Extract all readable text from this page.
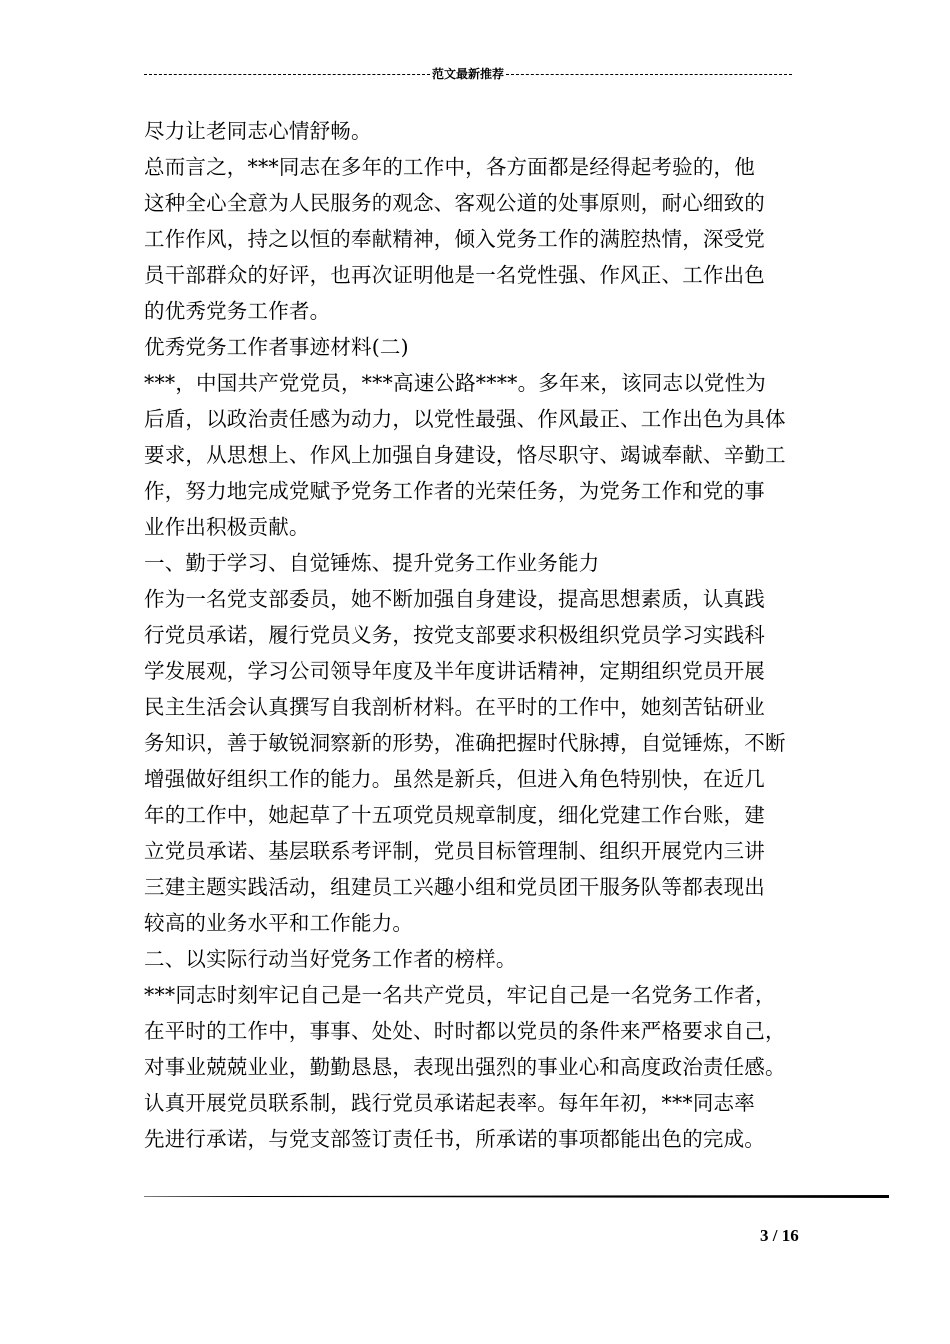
范文最新推荐
尽力让老同志心情舒畅。
总而言之，***同志在多年的工作中，各方面都是经得起考验的，他
这种全心全意为人民服务的观念、客观公道的处事原则，耐心细致的
工作作风，持之以恒的奉献精神，倾入党务工作的满腔热情，深受党
员干部群众的好评，也再次证明他是一名党性强、作风正、工作出色
的优秀党务工作者。
优秀党务工作者事迹材料(二)
***，中国共产党党员，***高速公路****。多年来，该同志以党性为
后盾，以政治责任感为动力，以党性最强、作风最正、工作出色为具体
要求，从思想上、作风上加强自身建设，恪尽职守、竭诚奉献、辛勤工
作，努力地完成党赋予党务工作者的光荣任务，为党务工作和党的事
业作出积极贡献。
一、勤于学习、自觉锤炼、提升党务工作业务能力
作为一名党支部委员，她不断加强自身建设，提高思想素质，认真践
行党员承诺，履行党员义务，按党支部要求积极组织党员学习实践科
学发展观，学习公司领导年度及半年度讲话精神，定期组织党员开展
民主生活会认真撰写自我剖析材料。在平时的工作中，她刻苦钻研业
务知识，善于敏锐洞察新的形势，准确把握时代脉搏，自觉锤炼，不断
增强做好组织工作的能力。虽然是新兵，但进入角色特别快，在近几
年的工作中，她起草了十五项党员规章制度，细化党建工作台账，建
立党员承诺、基层联系考评制，党员目标管理制、组织开展党内三讲
三建主题实践活动，组建员工兴趣小组和党员团干服务队等都表现出
较高的业务水平和工作能力。
二、以实际行动当好党务工作者的榜样。
***同志时刻牢记自己是一名共产党员，牢记自己是一名党务工作者，
在平时的工作中，事事、处处、时时都以党员的条件来严格要求自己，
对事业兢兢业业，勤勤恳恳，表现出强烈的事业心和高度政治责任感。
认真开展党员联系制，践行党员承诺起表率。每年年初，***同志率
先进行承诺，与党支部签订责任书，所承诺的事项都能出色的完成。
3 / 16
